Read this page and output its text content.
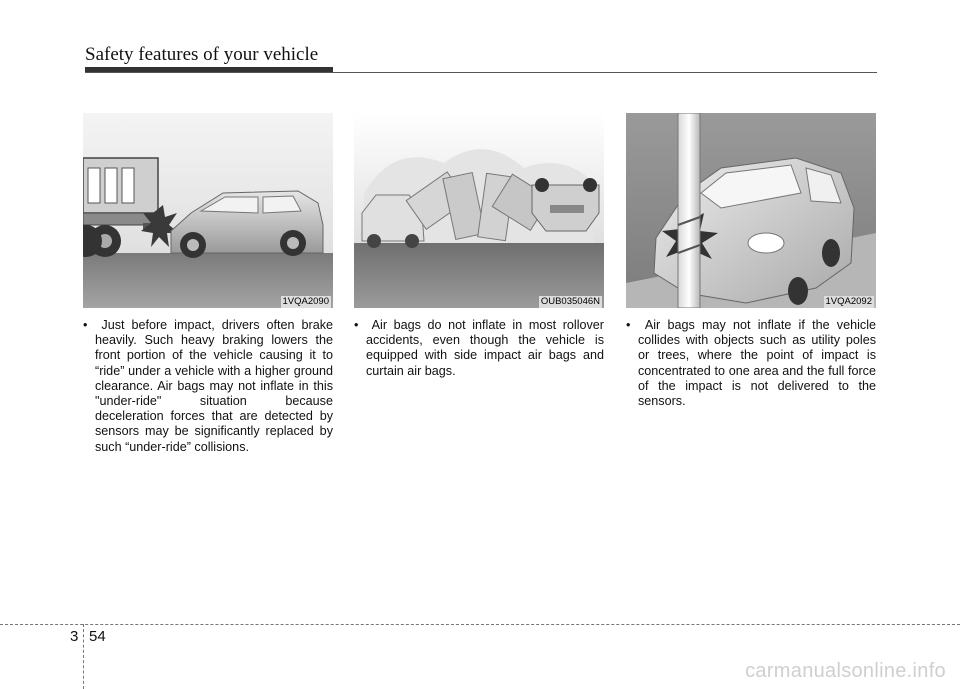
Safety features of your vehicle
1VQA2090	OUB035046N	1VQA2092

• Just before impact, drivers often brake heavily. Such heavy braking lowers the front portion of the vehicle causing it to “ride” under a vehicle with a higher ground clearance. Air bags may not inflate in this "under-ride" situation because deceleration forces that are detected by sensors may be significantly replaced by such “under-ride” collisions.

• Air bags do not inflate in most rollover accidents, even though the vehicle is equipped with side impact air bags and curtain air bags.

• Air bags may not inflate if the vehicle collides with objects such as utility poles or trees, where the point of impact is concentrated to one area and the full force of the impact is not delivered to the sensors.

3 54
carmanualsonline.info
